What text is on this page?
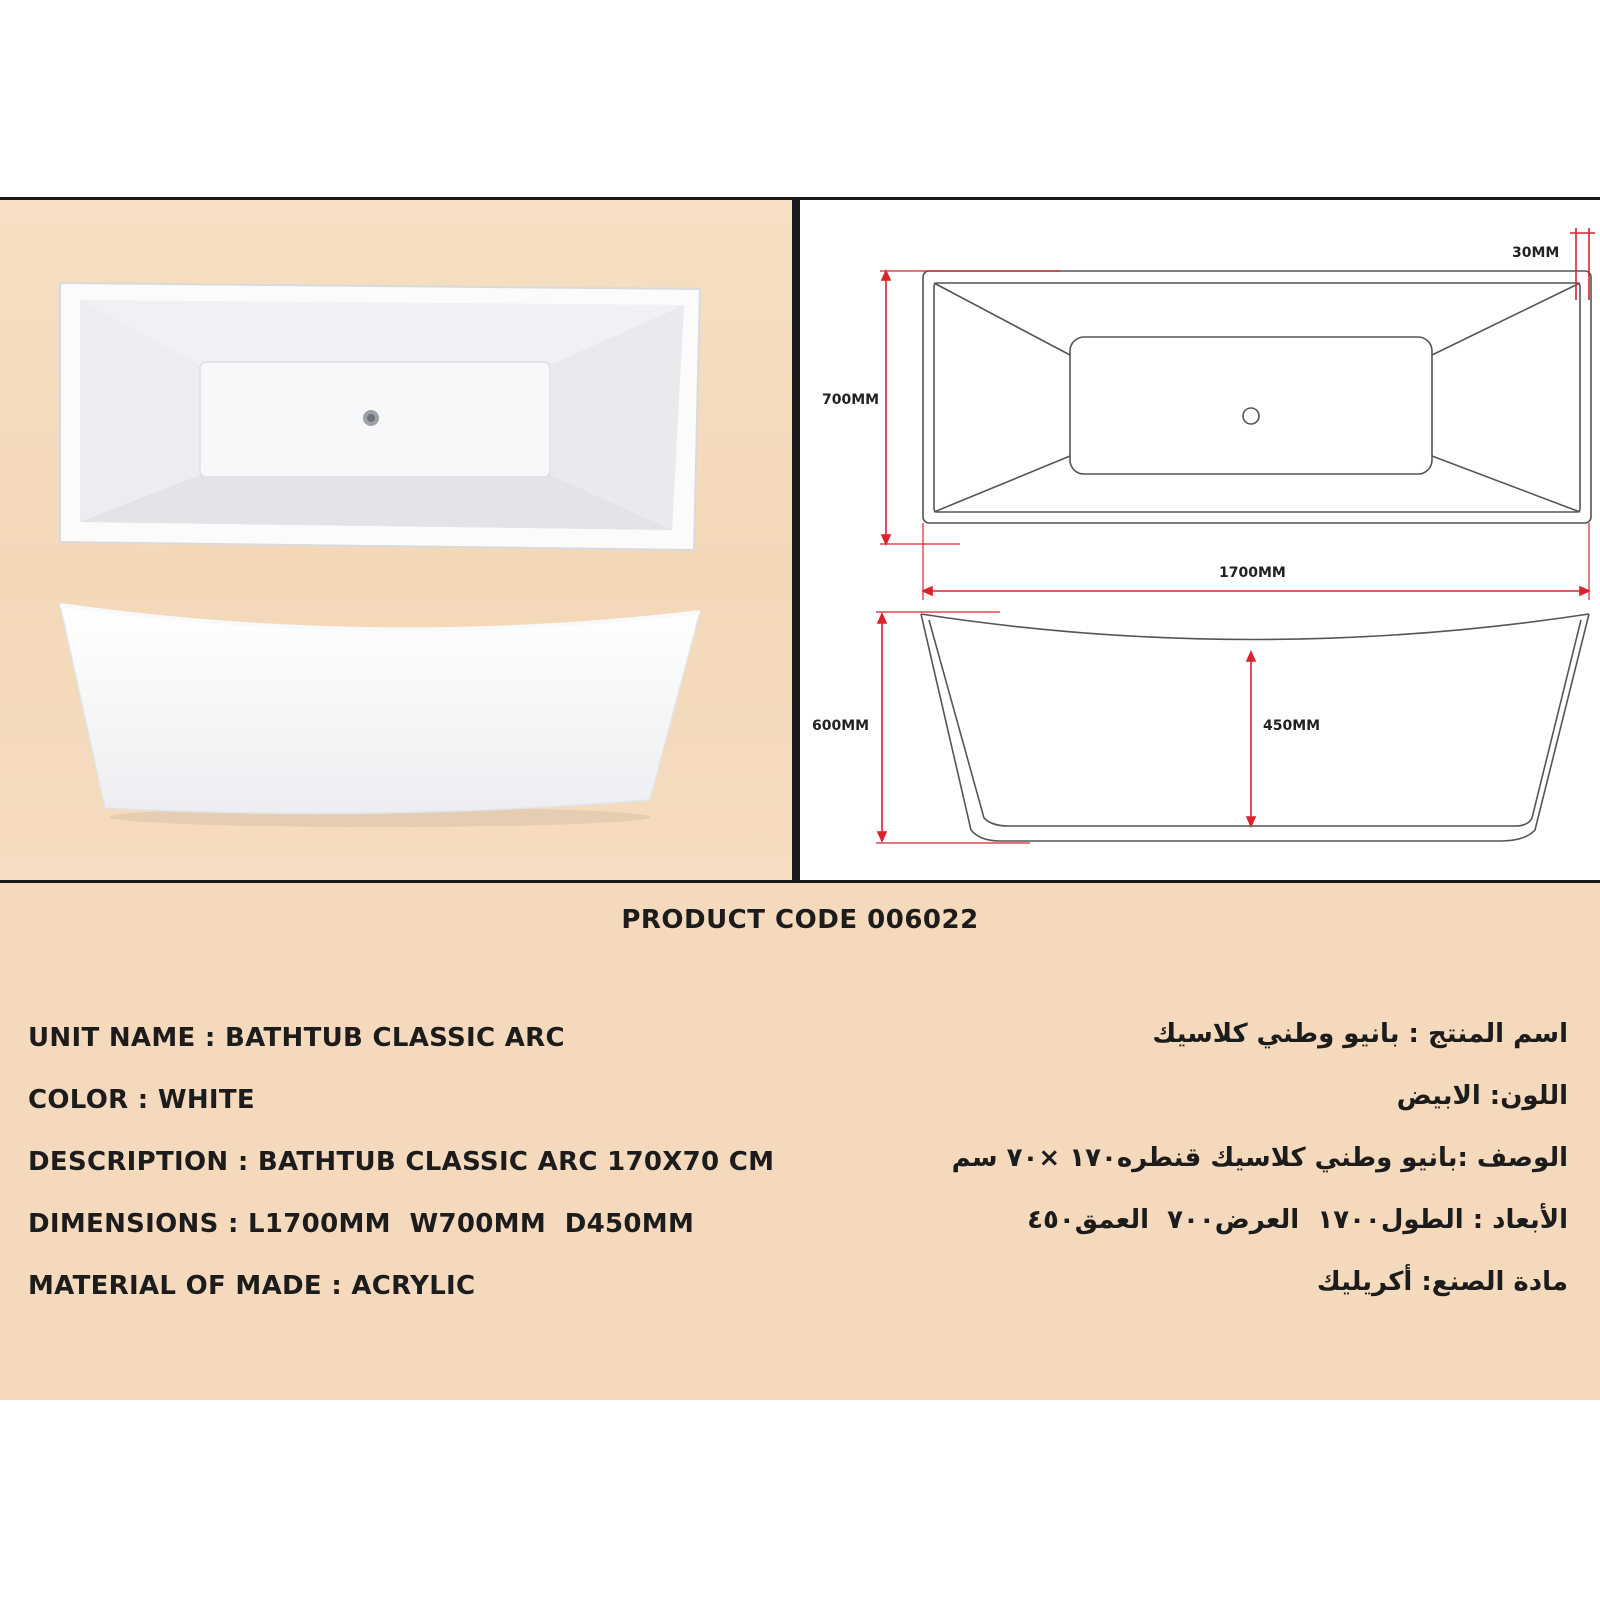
30MM
700MM
1700MM
600MM	450MM
PRODUCT CODE 006022
UNIT NAME : BATHTUB CLASSIC ARC
COLOR : WHITE
DESCRIPTION : BATHTUB CLASSIC ARC 170X70 CM
DIMENSIONS : L1700MM  W700MM  D450MM
MATERIAL OF MADE : ACRYLIC
اسم المنتج : بانيو وطني كلاسيك
اللون: الابيض
الوصف :بانيو وطني كلاسيك قنطره١٧٠ ×٧٠ سم
الأبعاد : الطول١٧٠٠  العرض٧٠٠  العمق٤٥٠
مادة الصنع: أكريليك
